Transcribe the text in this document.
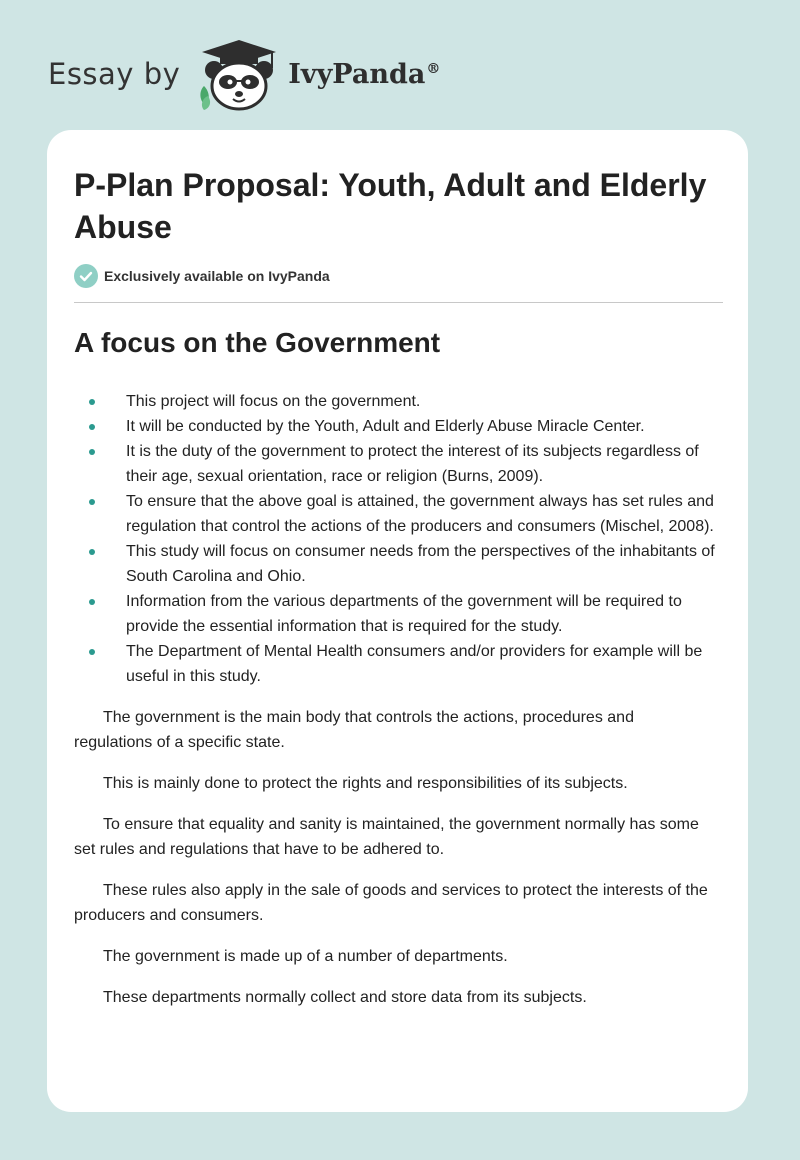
Essay by	IvyPanda®
P-Plan Proposal: Youth, Adult and Elderly Abuse
Exclusively available on IvyPanda
A focus on the Government
This project will focus on the government.
It will be conducted by the Youth, Adult and Elderly Abuse Miracle Center.
It is the duty of the government to protect the interest of its subjects regardless of their age, sexual orientation, race or religion (Burns, 2009).
To ensure that the above goal is attained, the government always has set rules and regulation that control the actions of the producers and consumers (Mischel, 2008).
This study will focus on consumer needs from the perspectives of the inhabitants of South Carolina and Ohio.
Information from the various departments of the government will be required to provide the essential information that is required for the study.
The Department of Mental Health consumers and/or providers for example will be useful in this study.

The government is the main body that controls the actions, procedures and regulations of a specific state.

This is mainly done to protect the rights and responsibilities of its subjects.

To ensure that equality and sanity is maintained, the government normally has some set rules and regulations that have to be adhered to.

These rules also apply in the sale of goods and services to protect the interests of the producers and consumers.

The government is made up of a number of departments.

These departments normally collect and store data from its subjects.
